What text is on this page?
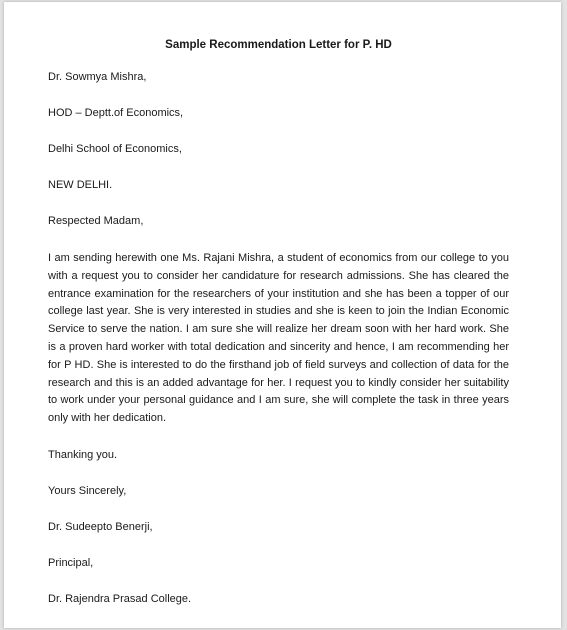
Sample Recommendation Letter for P. HD
Dr. Sowmya Mishra,
HOD – Deptt.of Economics,
Delhi School of Economics,
NEW DELHI.
Respected Madam,

I am sending herewith one Ms. Rajani Mishra, a student of economics from our college to you with a request you to consider her candidature for research admissions. She has cleared the entrance examination for the researchers of your institution and she has been a topper of our college last year. She is very interested in studies and she is keen to join the Indian Economic Service to serve the nation. I am sure she will realize her dream soon with her hard work. She is a proven hard worker with total dedication and sincerity and hence, I am recommending her for P HD. She is interested to do the firsthand job of field surveys and collection of data for the research and this is an added advantage for her. I request you to kindly consider her suitability to work under your personal guidance and I am sure, she will complete the task in three years only with her dedication.

Thanking you.
Yours Sincerely,
Dr. Sudeepto Benerji,
Principal,
Dr. Rajendra Prasad College.
